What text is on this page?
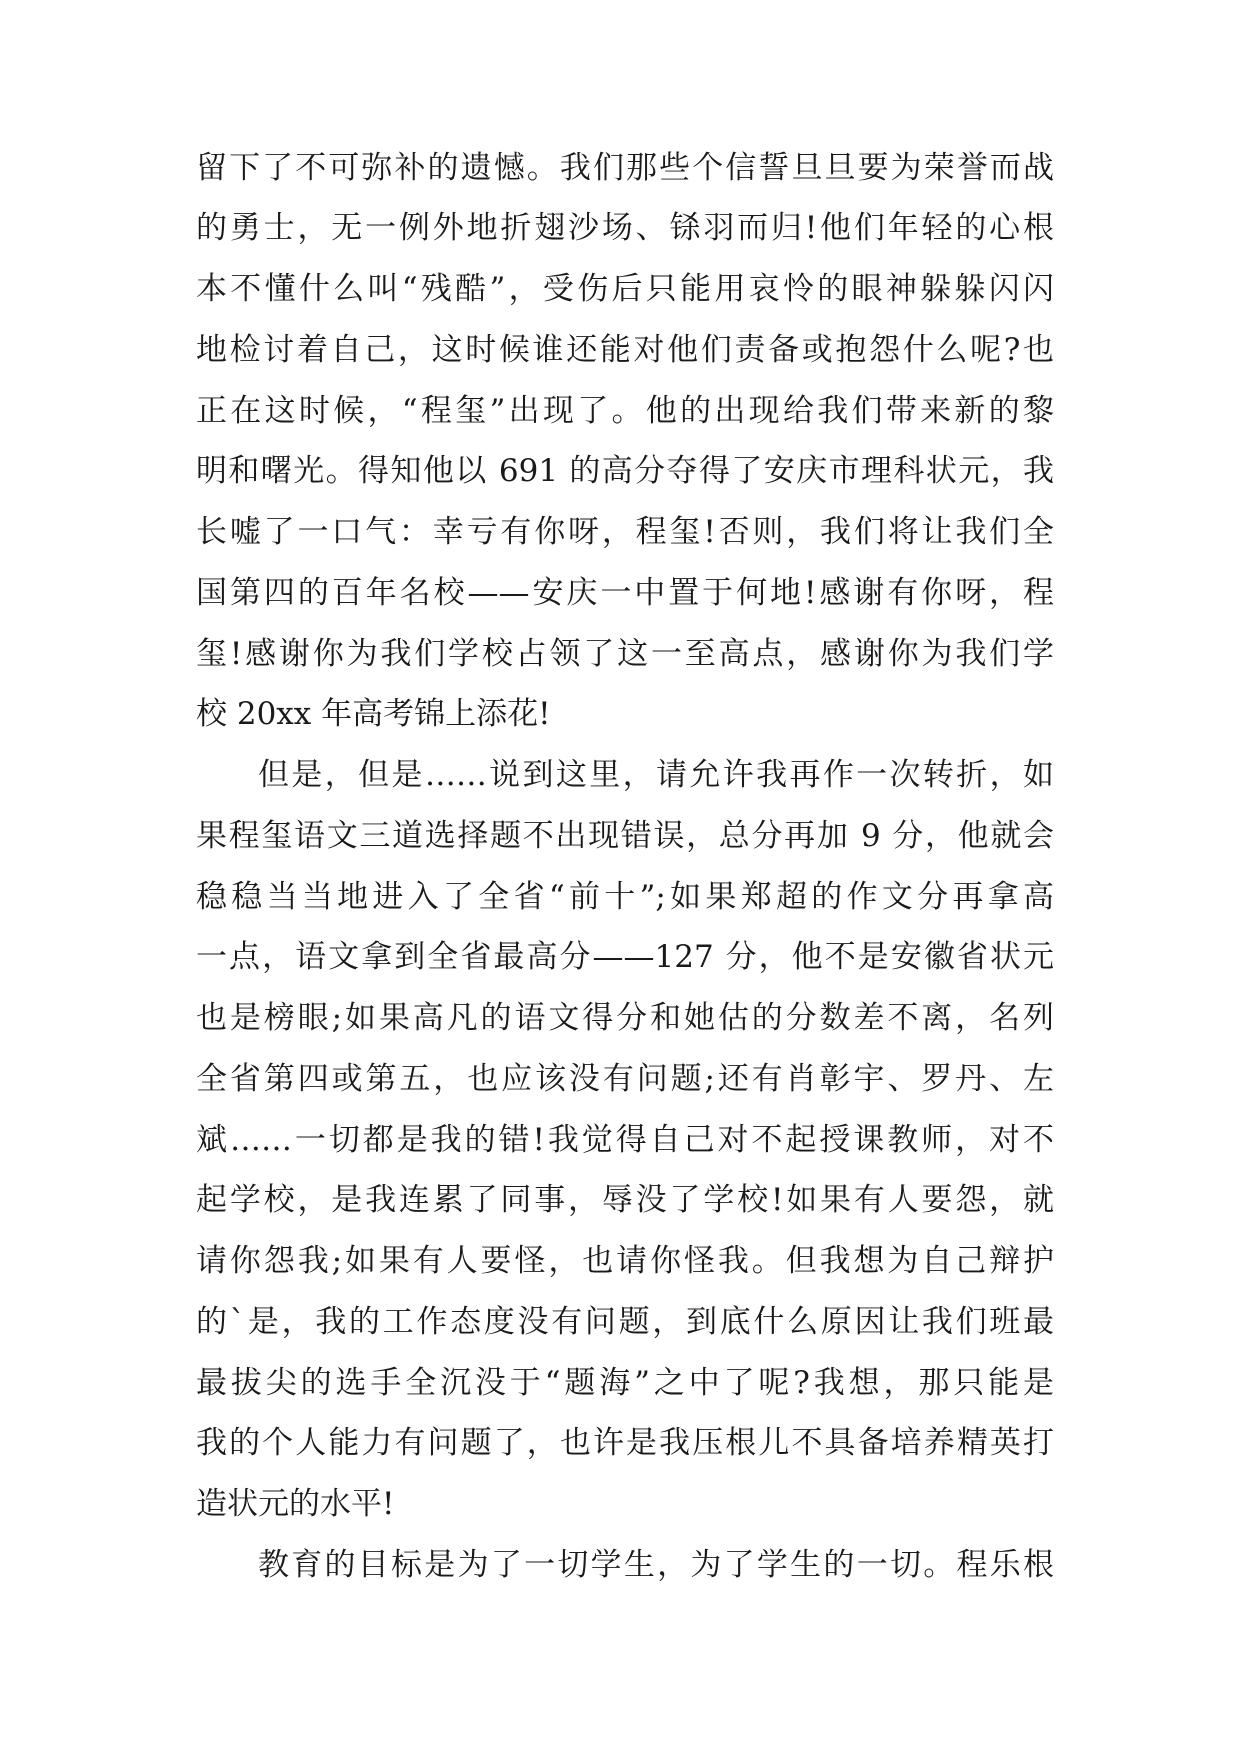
留下了不可弥补的遗憾。我们那些个信誓旦旦要为荣誉而战
的勇士，无一例外地折翅沙场、铩羽而归!他们年轻的心根
本不懂什么叫“残酷”，受伤后只能用哀怜的眼神躲躲闪闪
地检讨着自己，这时候谁还能对他们责备或抱怨什么呢?也
正在这时候，“程玺”出现了。他的出现给我们带来新的黎
明和曙光。得知他以 691 的高分夺得了安庆市理科状元，我
长嘘了一口气：幸亏有你呀，程玺!否则，我们将让我们全
国第四的百年名校——安庆一中置于何地!感谢有你呀，程
玺!感谢你为我们学校占领了这一至高点，感谢你为我们学
校 20xx 年高考锦上添花!
但是，但是……说到这里，请允许我再作一次转折，如
果程玺语文三道选择题不出现错误，总分再加 9 分，他就会
稳稳当当地进入了全省“前十”;如果郑超的作文分再拿高
一点，语文拿到全省最高分——127 分，他不是安徽省状元
也是榜眼;如果高凡的语文得分和她估的分数差不离，名列
全省第四或第五，也应该没有问题;还有肖彰宇、罗丹、左
斌……一切都是我的错!我觉得自己对不起授课教师，对不
起学校，是我连累了同事，辱没了学校!如果有人要怨，就
请你怨我;如果有人要怪，也请你怪我。但我想为自己辩护
的`是，我的工作态度没有问题，到底什么原因让我们班最
最拔尖的选手全沉没于“题海”之中了呢?我想，那只能是
我的个人能力有问题了，也许是我压根儿不具备培养精英打
造状元的水平!
教育的目标是为了一切学生，为了学生的一切。程乐根
